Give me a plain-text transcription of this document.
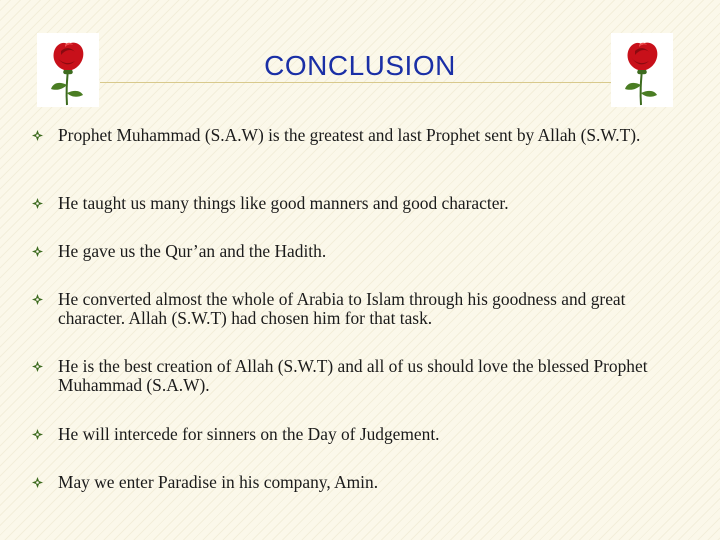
CONCLUSION
Prophet Muhammad (S.A.W) is the greatest and last Prophet sent by Allah (S.W.T).
He taught us many things like good manners and good character.
He gave us the Qur’an and the Hadith.
He converted almost the whole of Arabia to Islam through his goodness and great character. Allah (S.W.T) had chosen him for that task.
He is the best creation of Allah (S.W.T) and all of us should love the blessed Prophet Muhammad (S.A.W).
He will intercede for sinners on the Day of Judgement.
May we enter Paradise in his company, Amin.
